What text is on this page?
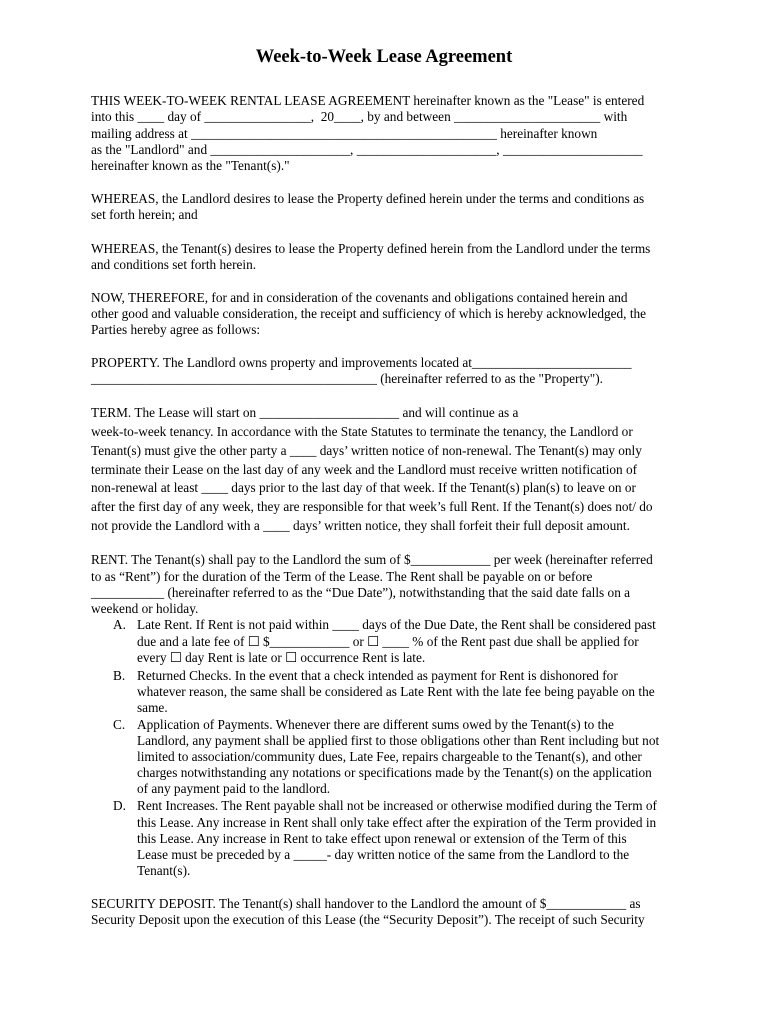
Week-to-Week Lease Agreement
THIS WEEK-TO-WEEK RENTAL LEASE AGREEMENT hereinafter known as the "Lease" is entered
into this ____ day of ________________,  20____, by and between ______________________ with
mailing address at ______________________________________________ hereinafter known
as the "Landlord" and _____________________, _____________________, _____________________
hereinafter known as the "Tenant(s)."
WHEREAS, the Landlord desires to lease the Property defined herein under the terms and conditions as
set forth herein; and
WHEREAS, the Tenant(s) desires to lease the Property defined herein from the Landlord under the terms
and conditions set forth herein.
NOW, THEREFORE, for and in consideration of the covenants and obligations contained herein and
other good and valuable consideration, the receipt and sufficiency of which is hereby acknowledged, the
Parties hereby agree as follows:
PROPERTY. The Landlord owns property and improvements located at________________________
___________________________________________ (hereinafter referred to as the "Property").
TERM. The Lease will start on _____________________ and will continue as a
week-to-week tenancy. In accordance with the State Statutes to terminate the tenancy, the Landlord or
Tenant(s) must give the other party a ____ days’ written notice of non-renewal. The Tenant(s) may only
terminate their Lease on the last day of any week and the Landlord must receive written notification of
non-renewal at least ____ days prior to the last day of that week. If the Tenant(s) plan(s) to leave on or
after the first day of any week, they are responsible for that week’s full Rent. If the Tenant(s) does not/ do
not provide the Landlord with a ____ days’ written notice, they shall forfeit their full deposit amount.
RENT. The Tenant(s) shall pay to the Landlord the sum of $____________ per week (hereinafter referred
to as “Rent”) for the duration of the Term of the Lease. The Rent shall be payable on or before
___________ (hereinafter referred to as the “Due Date”), notwithstanding that the said date falls on a
weekend or holiday.
A. Late Rent. If Rent is not paid within ____ days of the Due Date, the Rent shall be considered past
due and a late fee of ☐ $____________ or ☐ ____ % of the Rent past due shall be applied for
every ☐ day Rent is late or ☐ occurrence Rent is late.
B. Returned Checks. In the event that a check intended as payment for Rent is dishonored for
whatever reason, the same shall be considered as Late Rent with the late fee being payable on the
same.
C. Application of Payments. Whenever there are different sums owed by the Tenant(s) to the
Landlord, any payment shall be applied first to those obligations other than Rent including but not
limited to association/community dues, Late Fee, repairs chargeable to the Tenant(s), and other
charges notwithstanding any notations or specifications made by the Tenant(s) on the application
of any payment paid to the landlord.
D. Rent Increases. The Rent payable shall not be increased or otherwise modified during the Term of
this Lease. Any increase in Rent shall only take effect after the expiration of the Term provided in
this Lease. Any increase in Rent to take effect upon renewal or extension of the Term of this
Lease must be preceded by a _____- day written notice of the same from the Landlord to the
Tenant(s).
SECURITY DEPOSIT. The Tenant(s) shall handover to the Landlord the amount of $____________ as
Security Deposit upon the execution of this Lease (the “Security Deposit”). The receipt of such Security
